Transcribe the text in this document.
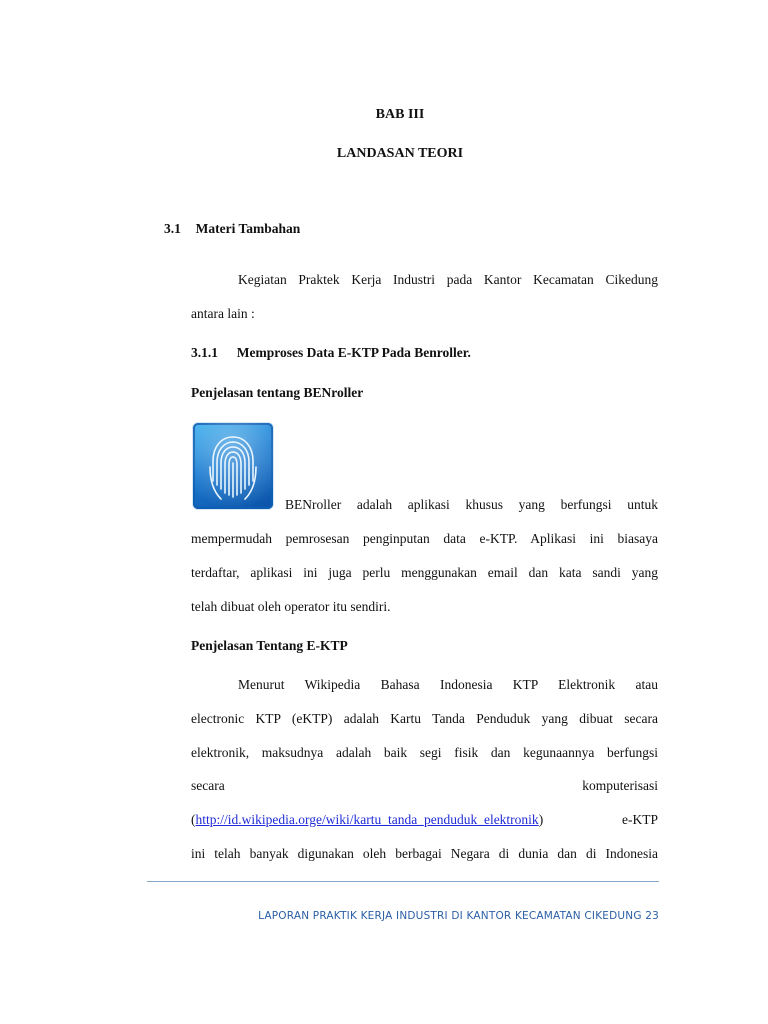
BAB III
LANDASAN TEORI
3.1 Materi Tambahan
Kegiatan Praktek Kerja Industri pada Kantor Kecamatan Cikedung
antara lain :
3.1.1 Memproses Data E-KTP Pada Benroller.
Penjelasan tentang BENroller
BENroller adalah aplikasi khusus yang berfungsi untuk
mempermudah pemrosesan penginputan data e-KTP. Aplikasi ini biasaya
terdaftar, aplikasi ini juga perlu menggunakan email dan kata sandi yang
telah dibuat oleh operator itu sendiri.
Penjelasan Tentang E-KTP
Menurut Wikipedia Bahasa Indonesia KTP Elektronik atau
electronic KTP (eKTP) adalah Kartu Tanda Penduduk yang dibuat secara
elektronik, maksudnya adalah baik segi fisik dan kegunaannya berfungsi
secara	komputerisasi
(http://id.wikipedia.orge/wiki/kartu_tanda_penduduk_elektronik)	e-KTP
ini telah banyak digunakan oleh berbagai Negara di dunia dan di Indonesia
LAPORAN PRAKTIK KERJA INDUSTRI DI KANTOR KECAMATAN CIKEDUNG 23
